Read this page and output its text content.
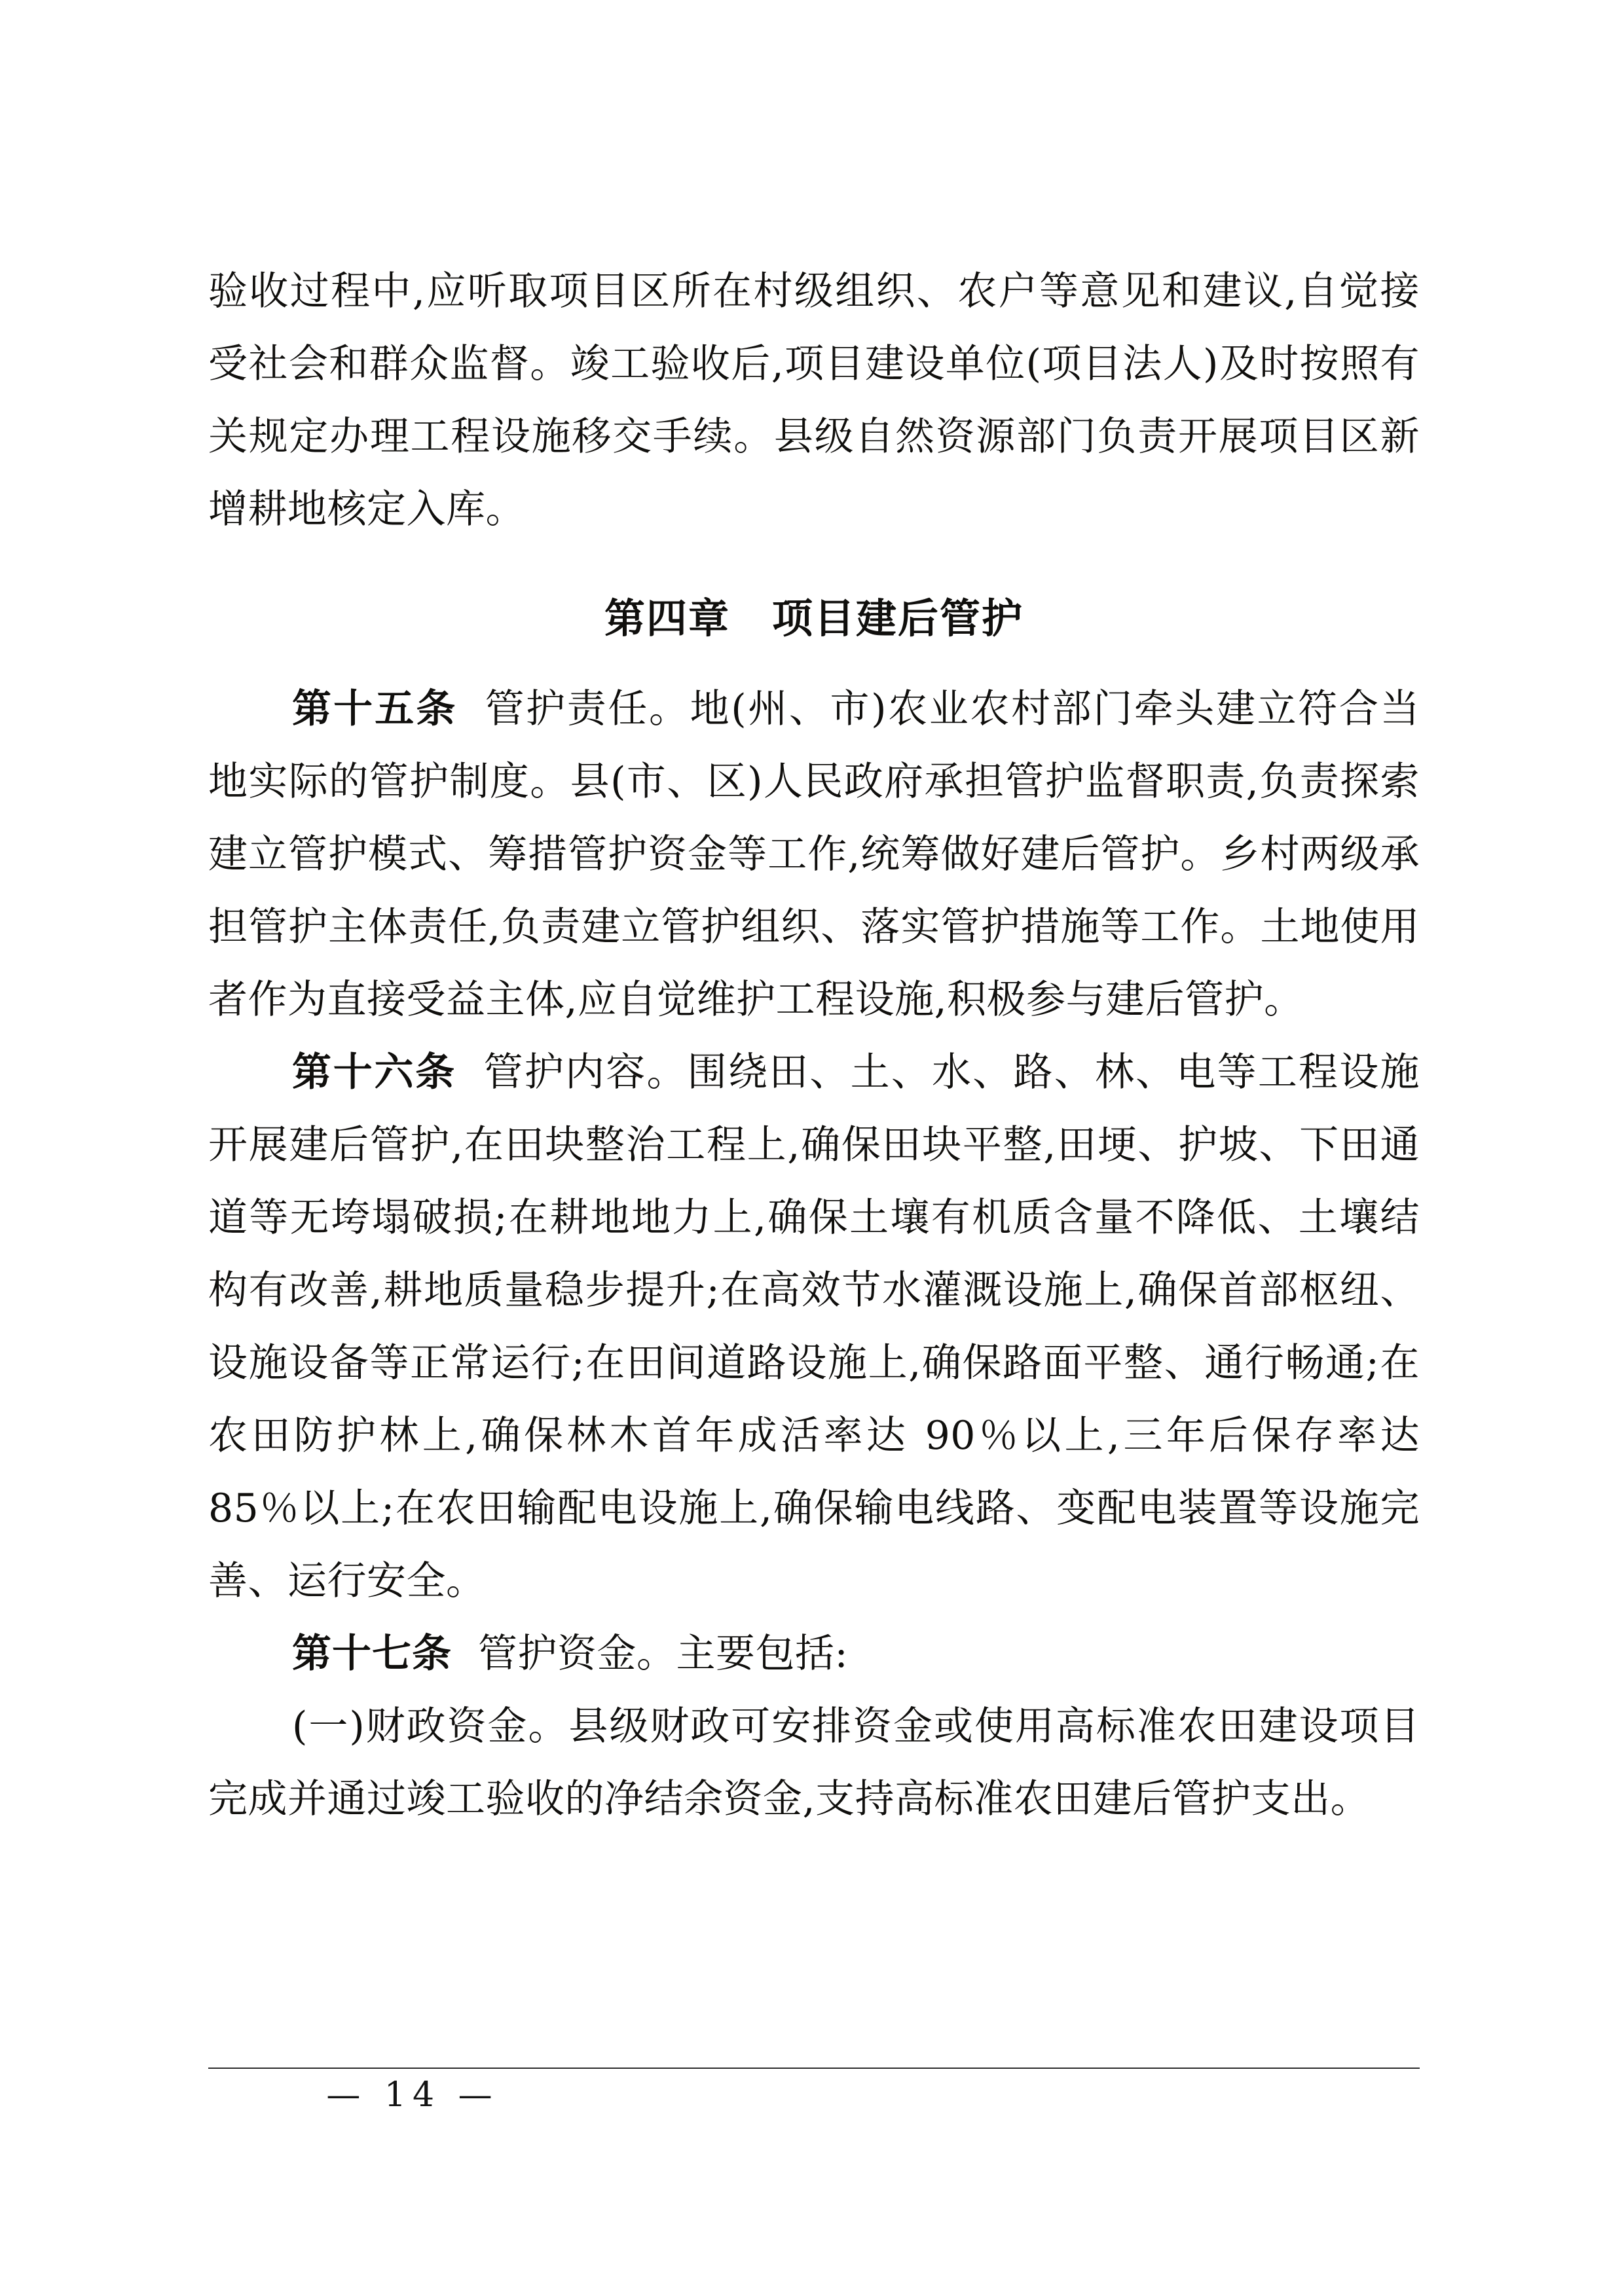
验收过程中,应听取项目区所在村级组织、农户等意见和建议,自觉接受社会和群众监督。竣工验收后,项目建设单位(项目法人)及时按照有关规定办理工程设施移交手续。县级自然资源部门负责开展项目区新增耕地核定入库。

第四章　项目建后管护

第十五条 管护责任。地(州、市)农业农村部门牵头建立符合当地实际的管护制度。县(市、区)人民政府承担管护监督职责,负责探索建立管护模式、筹措管护资金等工作,统筹做好建后管护。乡村两级承担管护主体责任,负责建立管护组织、落实管护措施等工作。土地使用者作为直接受益主体,应自觉维护工程设施,积极参与建后管护。

第十六条 管护内容。围绕田、土、水、路、林、电等工程设施开展建后管护,在田块整治工程上,确保田块平整,田埂、护坡、下田通道等无垮塌破损;在耕地地力上,确保土壤有机质含量不降低、土壤结构有改善,耕地质量稳步提升;在高效节水灌溉设施上,确保首部枢纽、设施设备等正常运行;在田间道路设施上,确保路面平整、通行畅通;在农田防护林上,确保林木首年成活率达 90％以上,三年后保存率达 85％以上;在农田输配电设施上,确保输电线路、变配电装置等设施完善、运行安全。

第十七条 管护资金。主要包括:

(一)财政资金。县级财政可安排资金或使用高标准农田建设项目完成并通过竣工验收的净结余资金,支持高标准农田建后管护支出。

— 14 —
